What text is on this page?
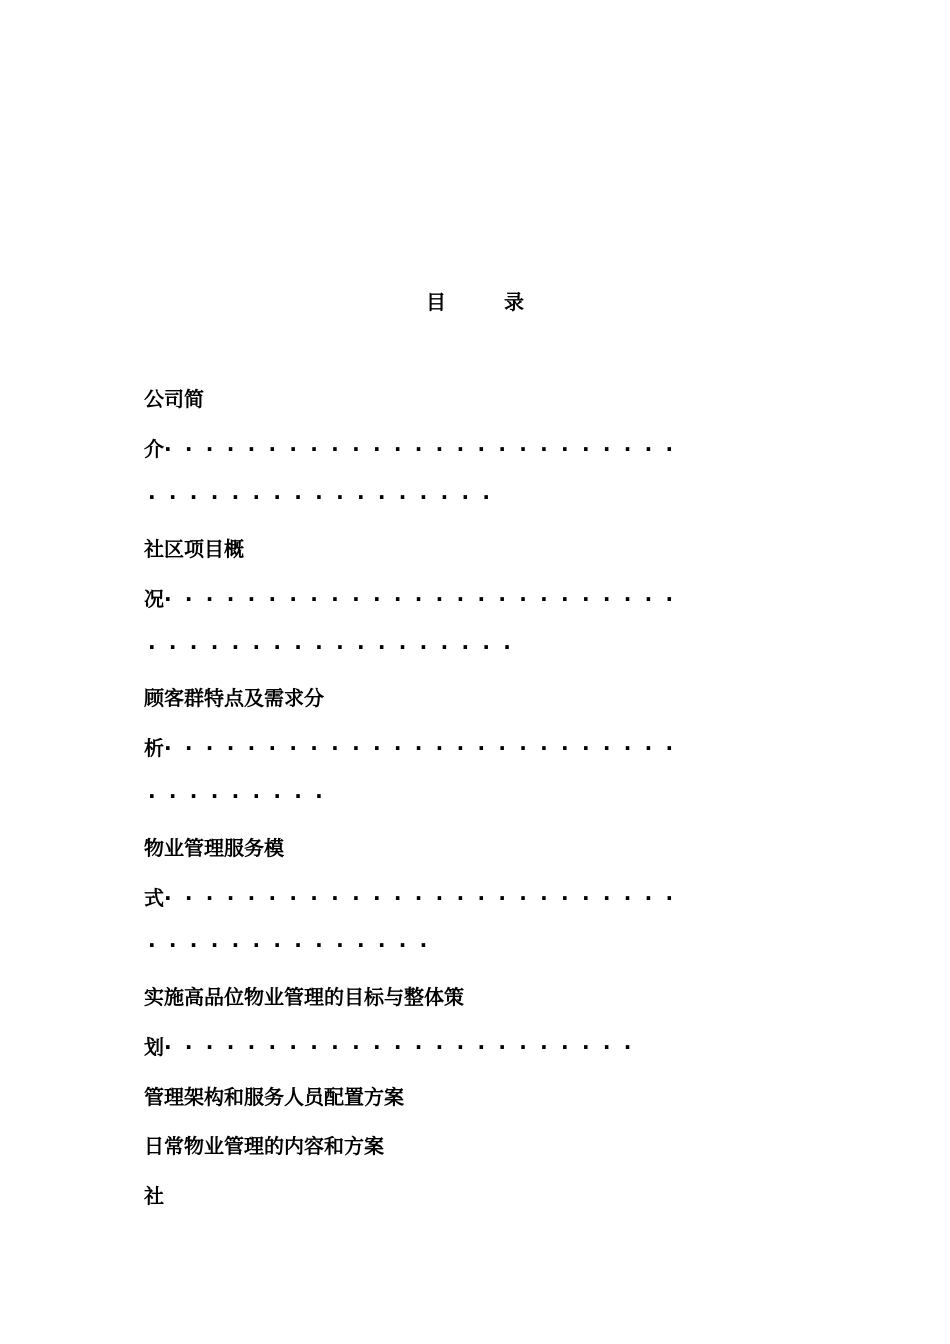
目	录
公司简
介·························
·················
社区项目概
况·························
··················
顾客群特点及需求分
析·························
·········
物业管理服务模
式·························
··············
实施高品位物业管理的目标与整体策
划·······················
管理架构和服务人员配置方案
日常物业管理的内容和方案
社
